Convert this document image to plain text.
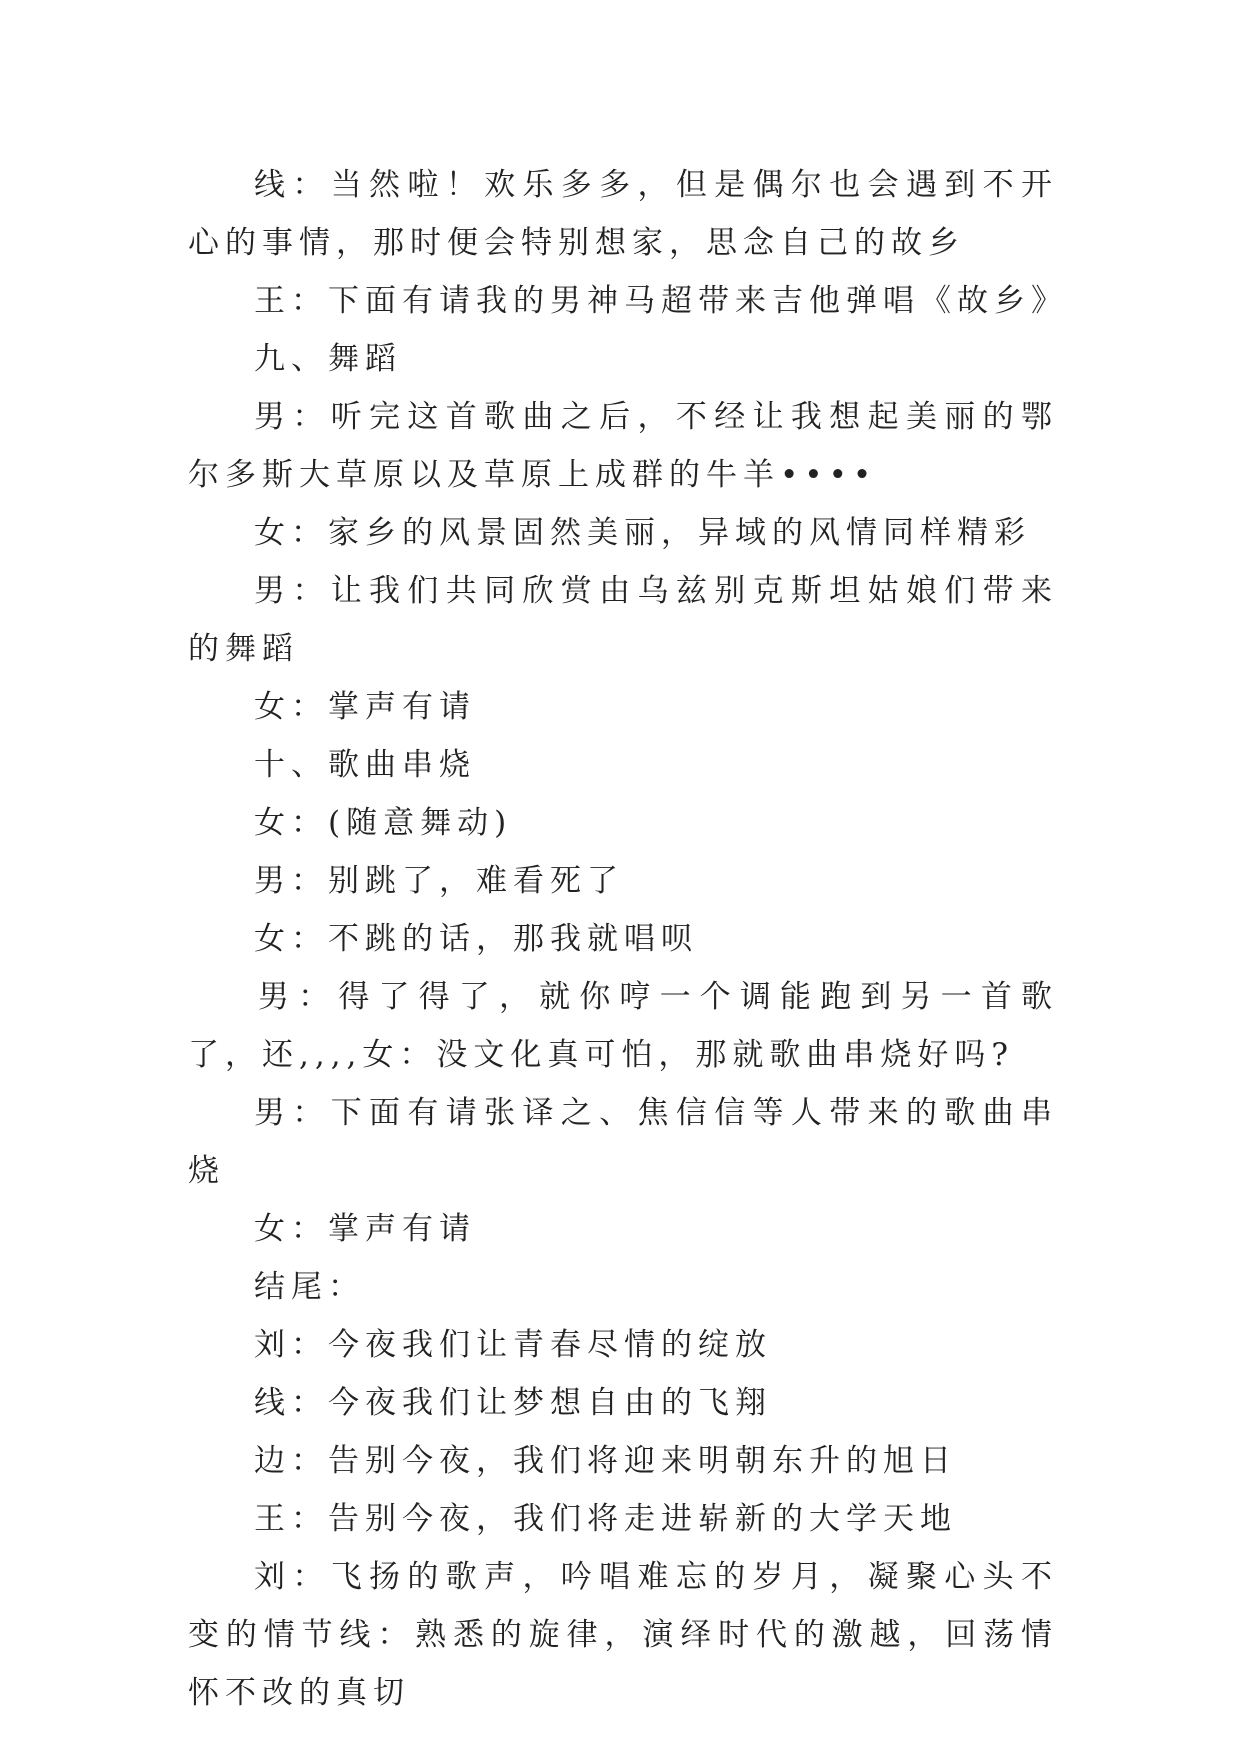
线：当然啦！欢乐多多，但是偶尔也会遇到不开心的事情，那时便会特别想家，思念自己的故乡

王：下面有请我的男神马超带来吉他弹唱《故乡》

九、舞蹈

男：听完这首歌曲之后，不经让我想起美丽的鄂尔多斯大草原以及草原上成群的牛羊••••

女：家乡的风景固然美丽，异域的风情同样精彩

男：让我们共同欣赏由乌兹别克斯坦姑娘们带来的舞蹈

女：掌声有请

十、歌曲串烧

女：(随意舞动)

男：别跳了，难看死了

女：不跳的话，那我就唱呗

男：得了得了，就你哼一个调能跑到另一首歌了，还,,,,女：没文化真可怕，那就歌曲串烧好吗?

男：下面有请张译之、焦信信等人带来的歌曲串烧

女：掌声有请

结尾：

刘：今夜我们让青春尽情的绽放

线：今夜我们让梦想自由的飞翔

边：告别今夜，我们将迎来明朝东升的旭日

王：告别今夜，我们将走进崭新的大学天地

刘：飞扬的歌声，吟唱难忘的岁月，凝聚心头不变的情节线：熟悉的旋律，演绎时代的激越，回荡情怀不改的真切
